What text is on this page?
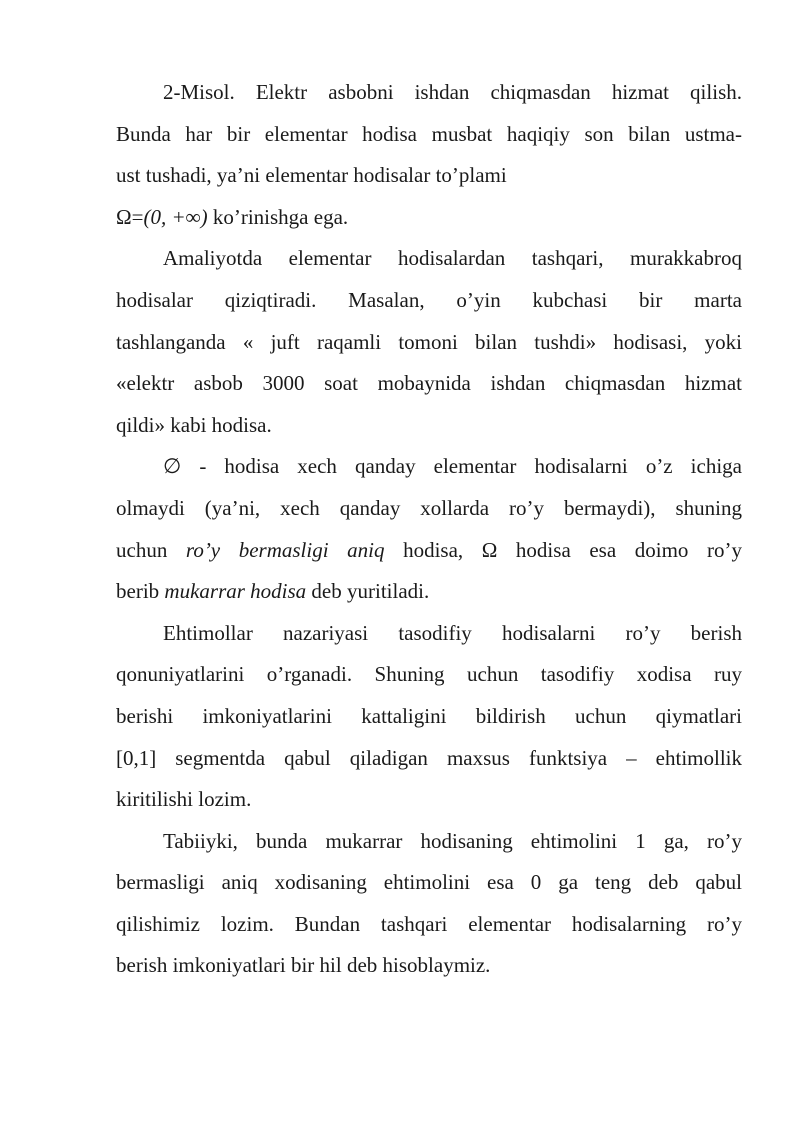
2-Misol. Elektr asbobni ishdan chiqmasdan hizmat qilish.
Bunda har bir elementar hodisa musbat haqiqiy son bilan ustma-
ust tushadi, ya’ni elementar hodisalar to’plami
Ω=(0, +∞) ko’rinishga ega.

Amaliyotda elementar hodisalardan tashqari, murakkabroq
hodisalar qiziqtiradi. Masalan, o’yin kubchasi bir marta
tashlanganda « juft raqamli tomoni bilan tushdi» hodisasi, yoki
«elektr asbob 3000 soat mobaynida ishdan chiqmasdan hizmat
qildi» kabi hodisa.

∅ - hodisa xech qanday elementar hodisalarni o’z ichiga
olmaydi (ya’ni, xech qanday xollarda ro’y bermaydi), shuning
uchun ro’y bermasligi aniq hodisa, Ω hodisa esa doimo ro’y
berib mukarrar hodisa deb yuritiladi.

Ehtimollar nazariyasi tasodifiy hodisalarni ro’y berish
qonuniyatlarini o’rganadi. Shuning uchun tasodifiy xodisa ruy
berishi imkoniyatlarini kattaligini bildirish uchun qiymatlari
[0,1] segmentda qabul qiladigan maxsus funktsiya – ehtimollik
kiritilishi lozim.

Tabiiyki, bunda mukarrar hodisaning ehtimolini 1 ga, ro’y
bermasligi aniq xodisaning ehtimolini esa 0 ga teng deb qabul
qilishimiz lozim. Bundan tashqari elementar hodisalarning ro’y
berish imkoniyatlari bir hil deb hisoblaymiz.
